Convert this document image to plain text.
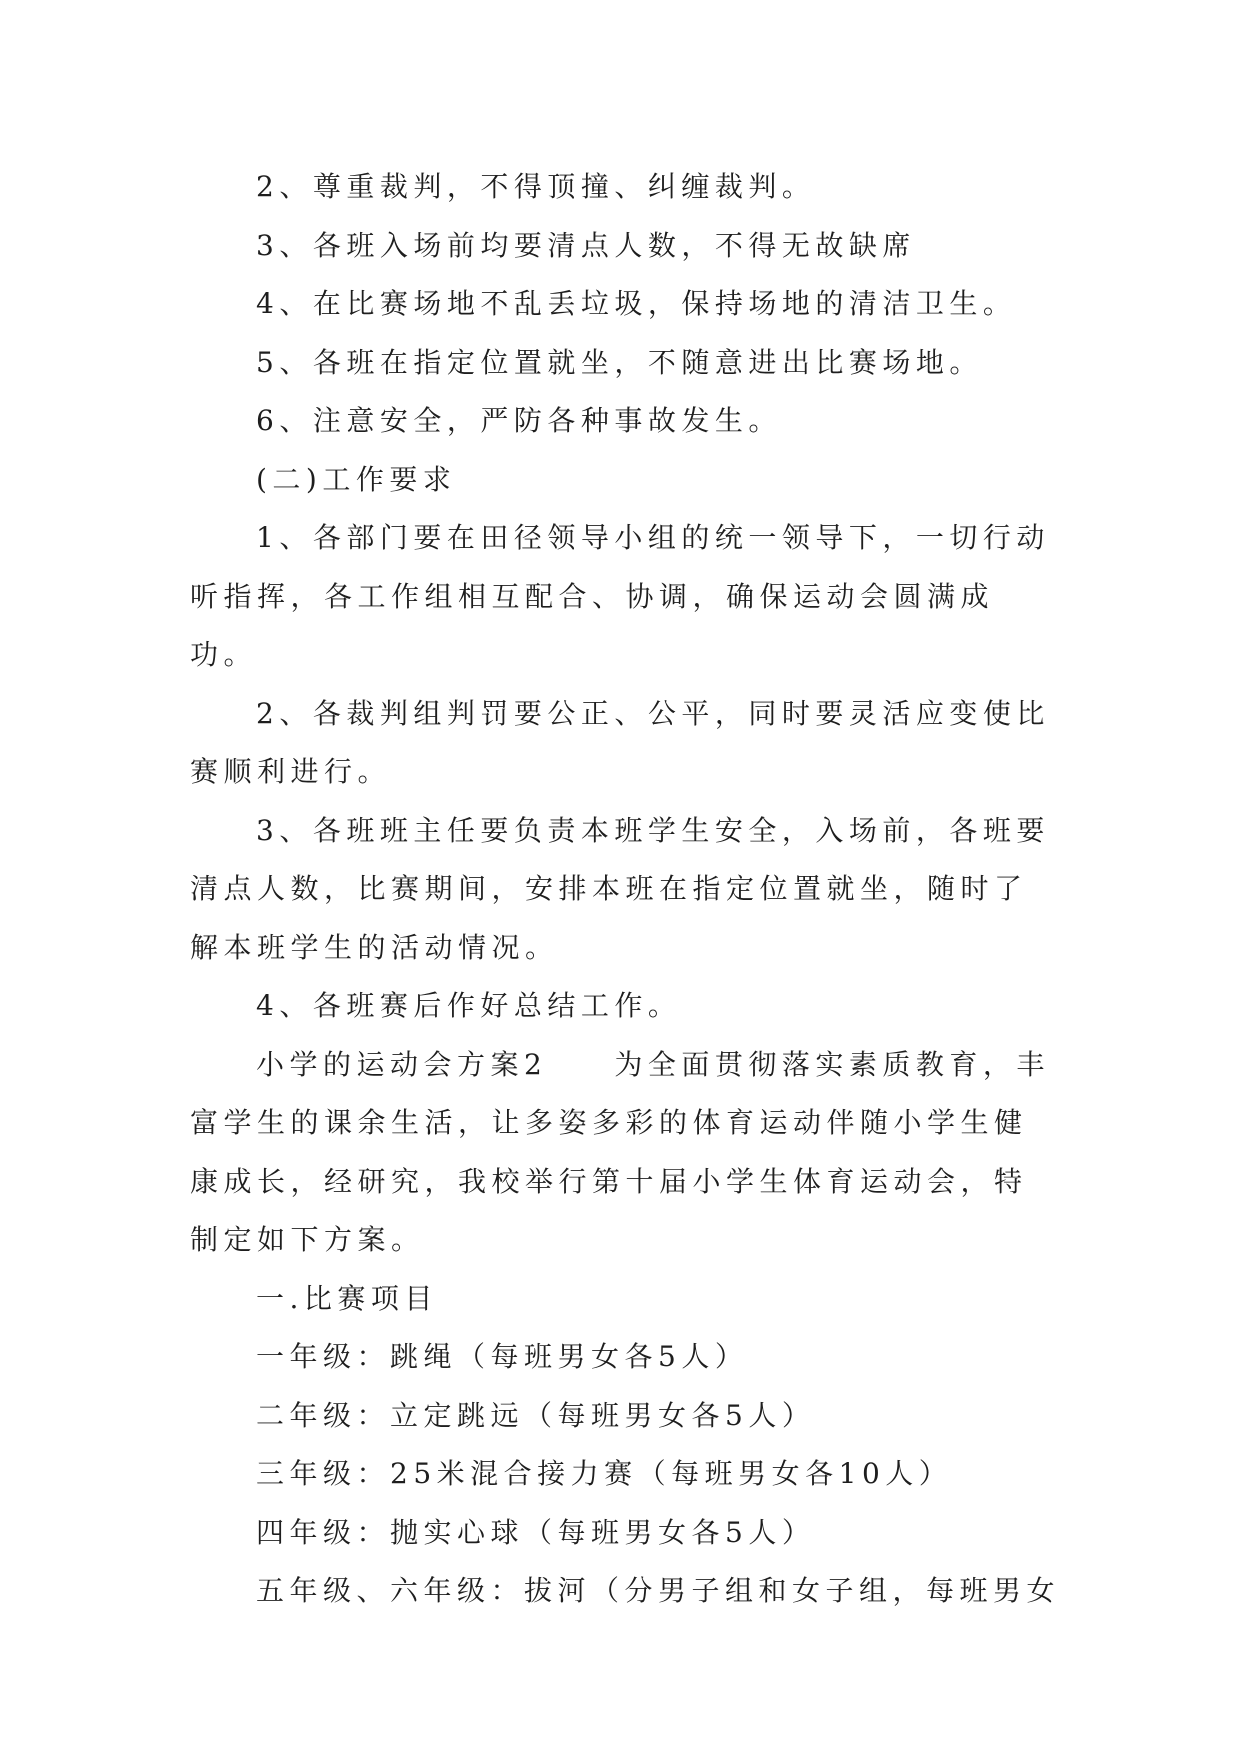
2、尊重裁判，不得顶撞、纠缠裁判。

3、各班入场前均要清点人数，不得无故缺席

4、在比赛场地不乱丢垃圾，保持场地的清洁卫生。

5、各班在指定位置就坐，不随意进出比赛场地。

6、注意安全，严防各种事故发生。

(二)工作要求

1、各部门要在田径领导小组的统一领导下，一切行动听指挥，各工作组相互配合、协调，确保运动会圆满成功。

2、各裁判组判罚要公正、公平，同时要灵活应变使比赛顺利进行。

3、各班班主任要负责本班学生安全，入场前，各班要清点人数，比赛期间，安排本班在指定位置就坐，随时了解本班学生的活动情况。

4、各班赛后作好总结工作。

小学的运动会方案2　　为全面贯彻落实素质教育，丰富学生的课余生活，让多姿多彩的体育运动伴随小学生健康成长，经研究，我校举行第十届小学生体育运动会，特制定如下方案。

一.比赛项目

一年级：跳绳（每班男女各5人）

二年级：立定跳远（每班男女各5人）

三年级：25米混合接力赛（每班男女各10人）

四年级：抛实心球（每班男女各5人）

五年级、六年级：拔河（分男子组和女子组，每班男女
